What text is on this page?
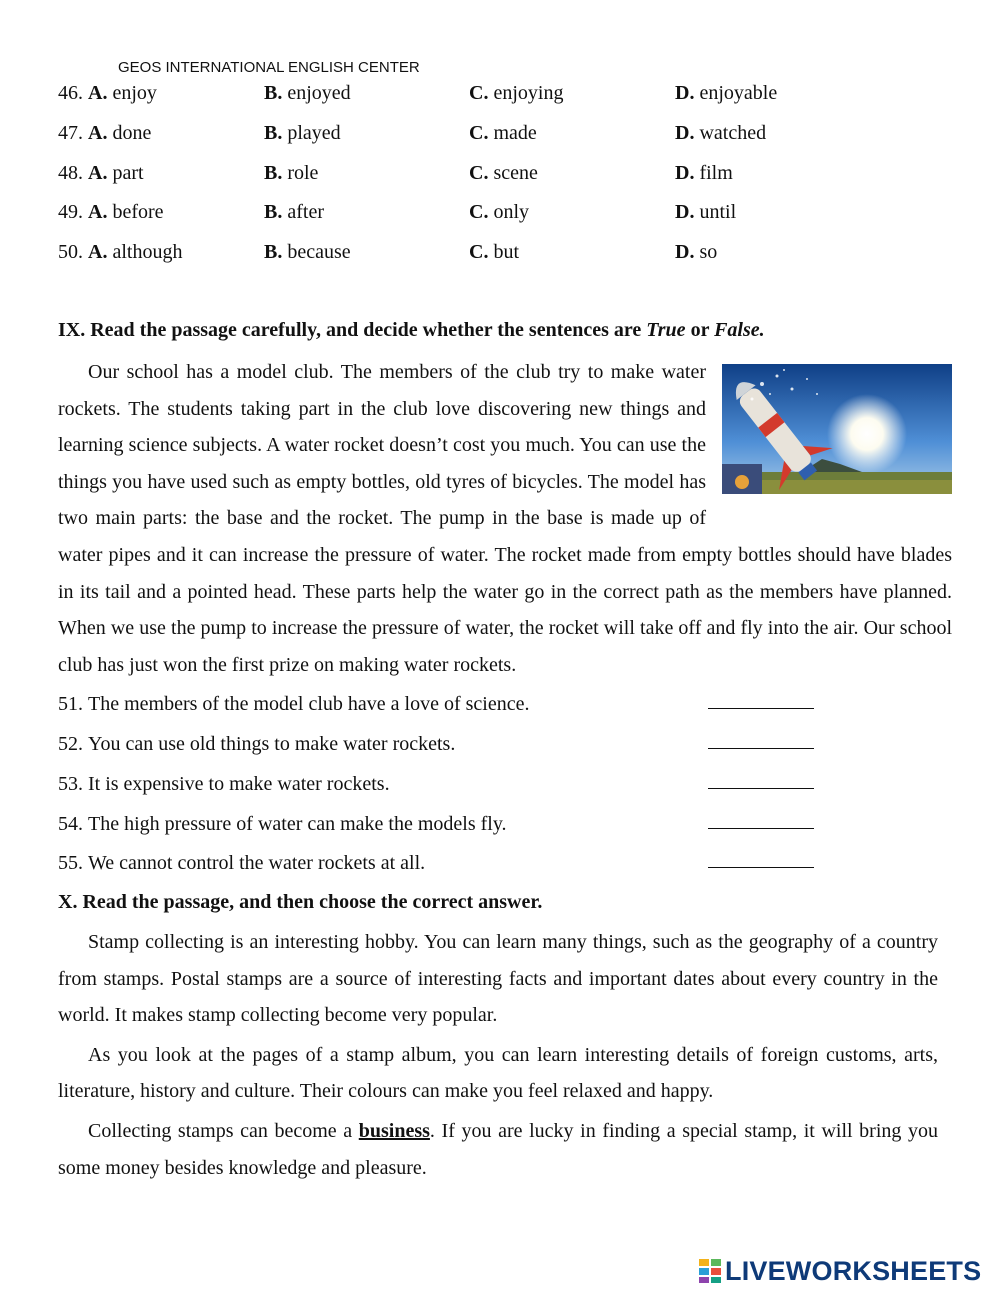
GEOS INTERNATIONAL ENGLISH CENTER
46. A. enjoy	B. enjoyed	C. enjoying	D. enjoyable
47. A. done	B. played	C. made	D. watched
48. A. part	B. role	C. scene	D. film
49. A. before	B. after	C. only	D. until
50. A. although	B. because	C. but	D. so
IX. Read the passage carefully, and decide whether the sentences are True or False.
Our school has a model club. The members of the club try to make water rockets. The students taking part in the club love discovering new things and learning science subjects. A water rocket doesn’t cost you much. You can use the things you have used such as empty bottles, old tyres of bicycles. The model has two main parts: the base and the rocket. The pump in the base is made up of water pipes and it can increase the pressure of water. The rocket made from empty bottles should have blades in its tail and a pointed head. These parts help the water go in the correct path as the members have planned. When we use the pump to increase the pressure of water, the rocket will take off and fly into the air. Our school club has just won the first prize on making water rockets.
51. The members of the model club have a love of science.
52. You can use old things to make water rockets.
53. It is expensive to make water rockets.
54. The high pressure of water can make the models fly.
55. We cannot control the water rockets at all.
X. Read the passage, and then choose the correct answer.

Stamp collecting is an interesting hobby. You can learn many things, such as the geography of a country from stamps. Postal stamps are a source of interesting facts and important dates about every country in the world. It makes stamp collecting become very popular.

As you look at the pages of a stamp album, you can learn interesting details of foreign customs, arts, literature, history and culture. Their colours can make you feel relaxed and happy.

Collecting stamps can become a business. If you are lucky in finding a special stamp, it will bring you some money besides knowledge and pleasure.

LIVEWORKSHEETS
